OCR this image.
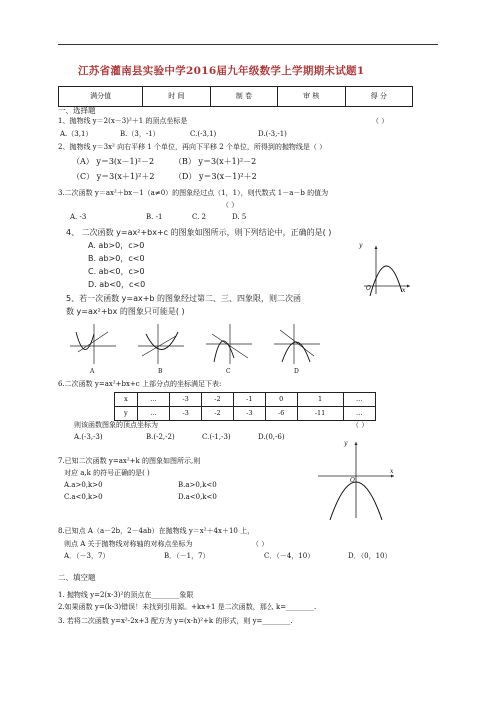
江苏省灌南县实验中学2016届九年级数学上学期期末试题1
满分值	时 间	制 卷	审 核	得 分
一、选择题
1、抛物线 y＝2(x－3)²＋1 的顶点坐标是	（ ）
A.（3,1）	B.（3，-1）	C.(-3,1)	D.(-3,-1)
2、抛物线 y＝3x² 向右平移 1 个单位，再向下平移 2 个单位，所得到的抛物线是（ ）
（A） y＝3(x－1)²－2 （B） y＝3(x＋1)²－2
（C） y＝3(x＋1)²＋2 （D） y＝3(x－1)²＋2
3.二次函数 y＝ax²＋bx－1（a≠0）的图象经过点（1，1），则代数式 1－a－b 的值为
（ ）
A. -3	B. -1	C. 2	D. 5
4、 二次函数 y=ax²+bx+c 的图象如图所示，则下列结论中，正确的是( )
A. ab>0，c>0
B. ab>0，c<0
C. ab<0，c>0
D. ab<0，c<0
y
x
O
5、若一次函数 y=ax+b 的图象经过第二、三、四象限，则二次函
数 y=ax²+bx 的图象只可能是( )
A	B	C	D
6.二次函数 y=ax²+bx+c 上部分点的坐标满足下表:
x	…	-3	-2	-1	0	1	…
y	…	-3	-2	-3	-6	-11	…
则该函数图象的顶点坐标为	（ ）
A.(-3,-3)	B.(-2,-2)	C.(-1,-3)	D.(0,-6)
7.已知二次函数 y=ax²+k 的图象如图所示,则
对应 a,k 的符号正确的是( )
A.a>0,k>0	B.a>0,k<0
C.a<0,k>0	D.a<0,k<0
y
x
O
8.已知点 A（a－2b，2－4ab）在抛物线 y＝x²＋4x＋10 上，
则点 A 关于抛物线对称轴的对称点坐标为	（ ）
A．（－3，7）	B．（－1，7）	C．（－4，10）	D．（0，10）
二、填空题
1. 抛物线 y=2(x-3)²的顶点在________象限
2.如果函数 y=(k-3)错误！未找到引用源。+kx+1 是二次函数，那么 k=________.
3. 若将二次函数 y=x²-2x+3 配方为 y=(x-h)²+k 的形式，则 y=________.
